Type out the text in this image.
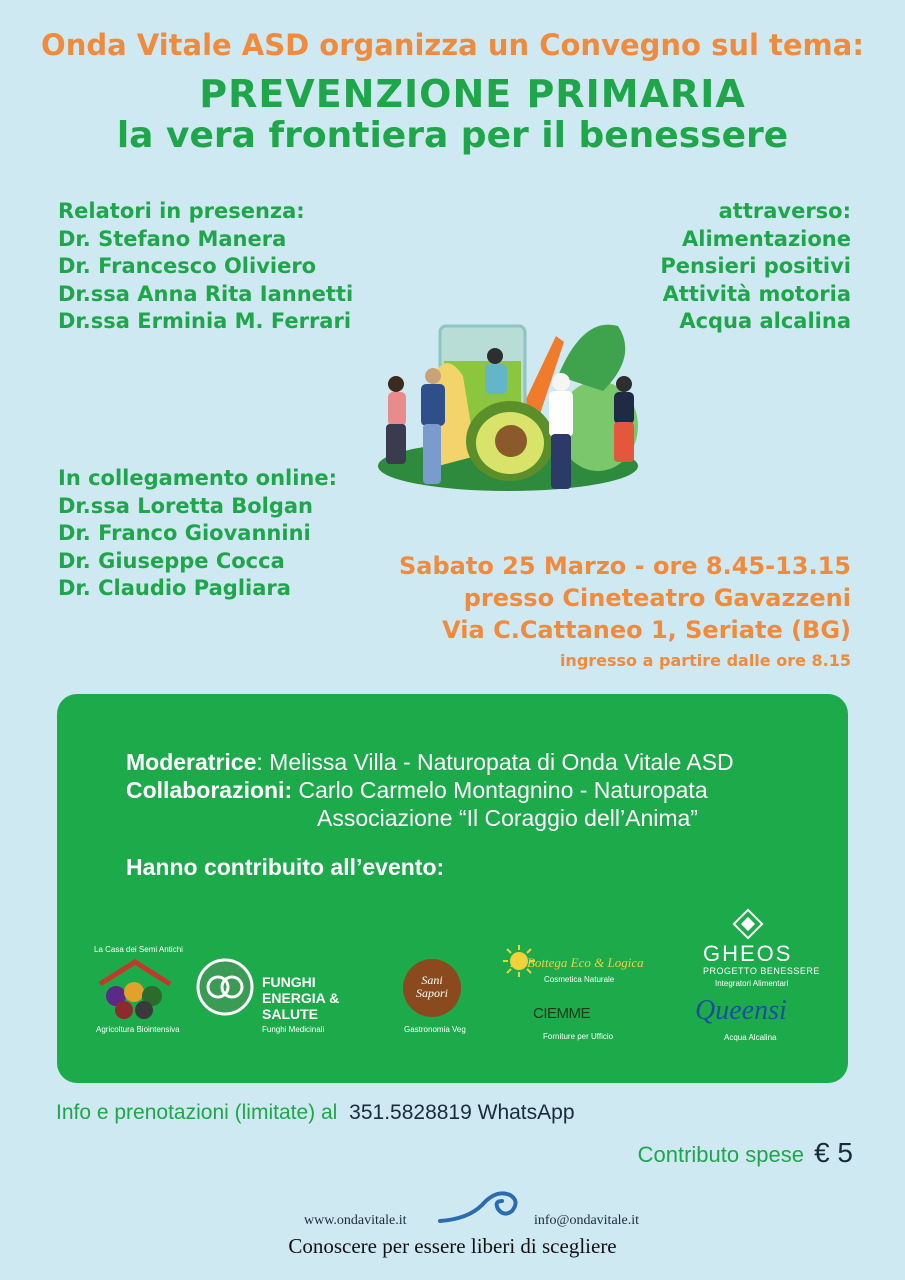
Onda Vitale ASD organizza un Convegno sul tema:
PREVENZIONE PRIMARIA
la vera frontiera per il benessere
Relatori in presenza:
Dr. Stefano Manera
Dr. Francesco Oliviero
Dr.ssa Anna Rita Iannetti
Dr.ssa Erminia M. Ferrari
attraverso:
Alimentazione
Pensieri positivi
Attività motoria
Acqua alcalina
In collegamento online:
Dr.ssa Loretta Bolgan
Dr. Franco Giovannini
Dr. Giuseppe Cocca
Dr. Claudio Pagliara
Sabato 25 Marzo - ore 8.45-13.15
presso Cineteatro Gavazzeni
Via C.Cattaneo 1, Seriate (BG)
ingresso a partire dalle ore 8.15
Moderatrice: Melissa Villa - Naturopata di Onda Vitale ASD
Collaborazioni: Carlo Carmelo Montagnino - Naturopata
Associazione “Il Coraggio dell’Anima”
Hanno contribuito all’evento:
La Casa dei Semi Antichi
Agricoltura Biointensiva
FUNGHI ENERGIA & SALUTE
Funghi Medicinali
Sani Sapori
Gastronomia Veg
La Bottega Eco & Logica
Cosmetica Naturale
CIEMME
Forniture per Ufficio
GHEOS
PROGETTO BENESSERE
Integratori Alimentari
Queensi
Acqua Alcalina
Info e prenotazioni (limitate) al 351.5828819 WhatsApp
Contributo spese € 5
www.ondavitale.it	info@ondavitale.it
Conoscere per essere liberi di scegliere
